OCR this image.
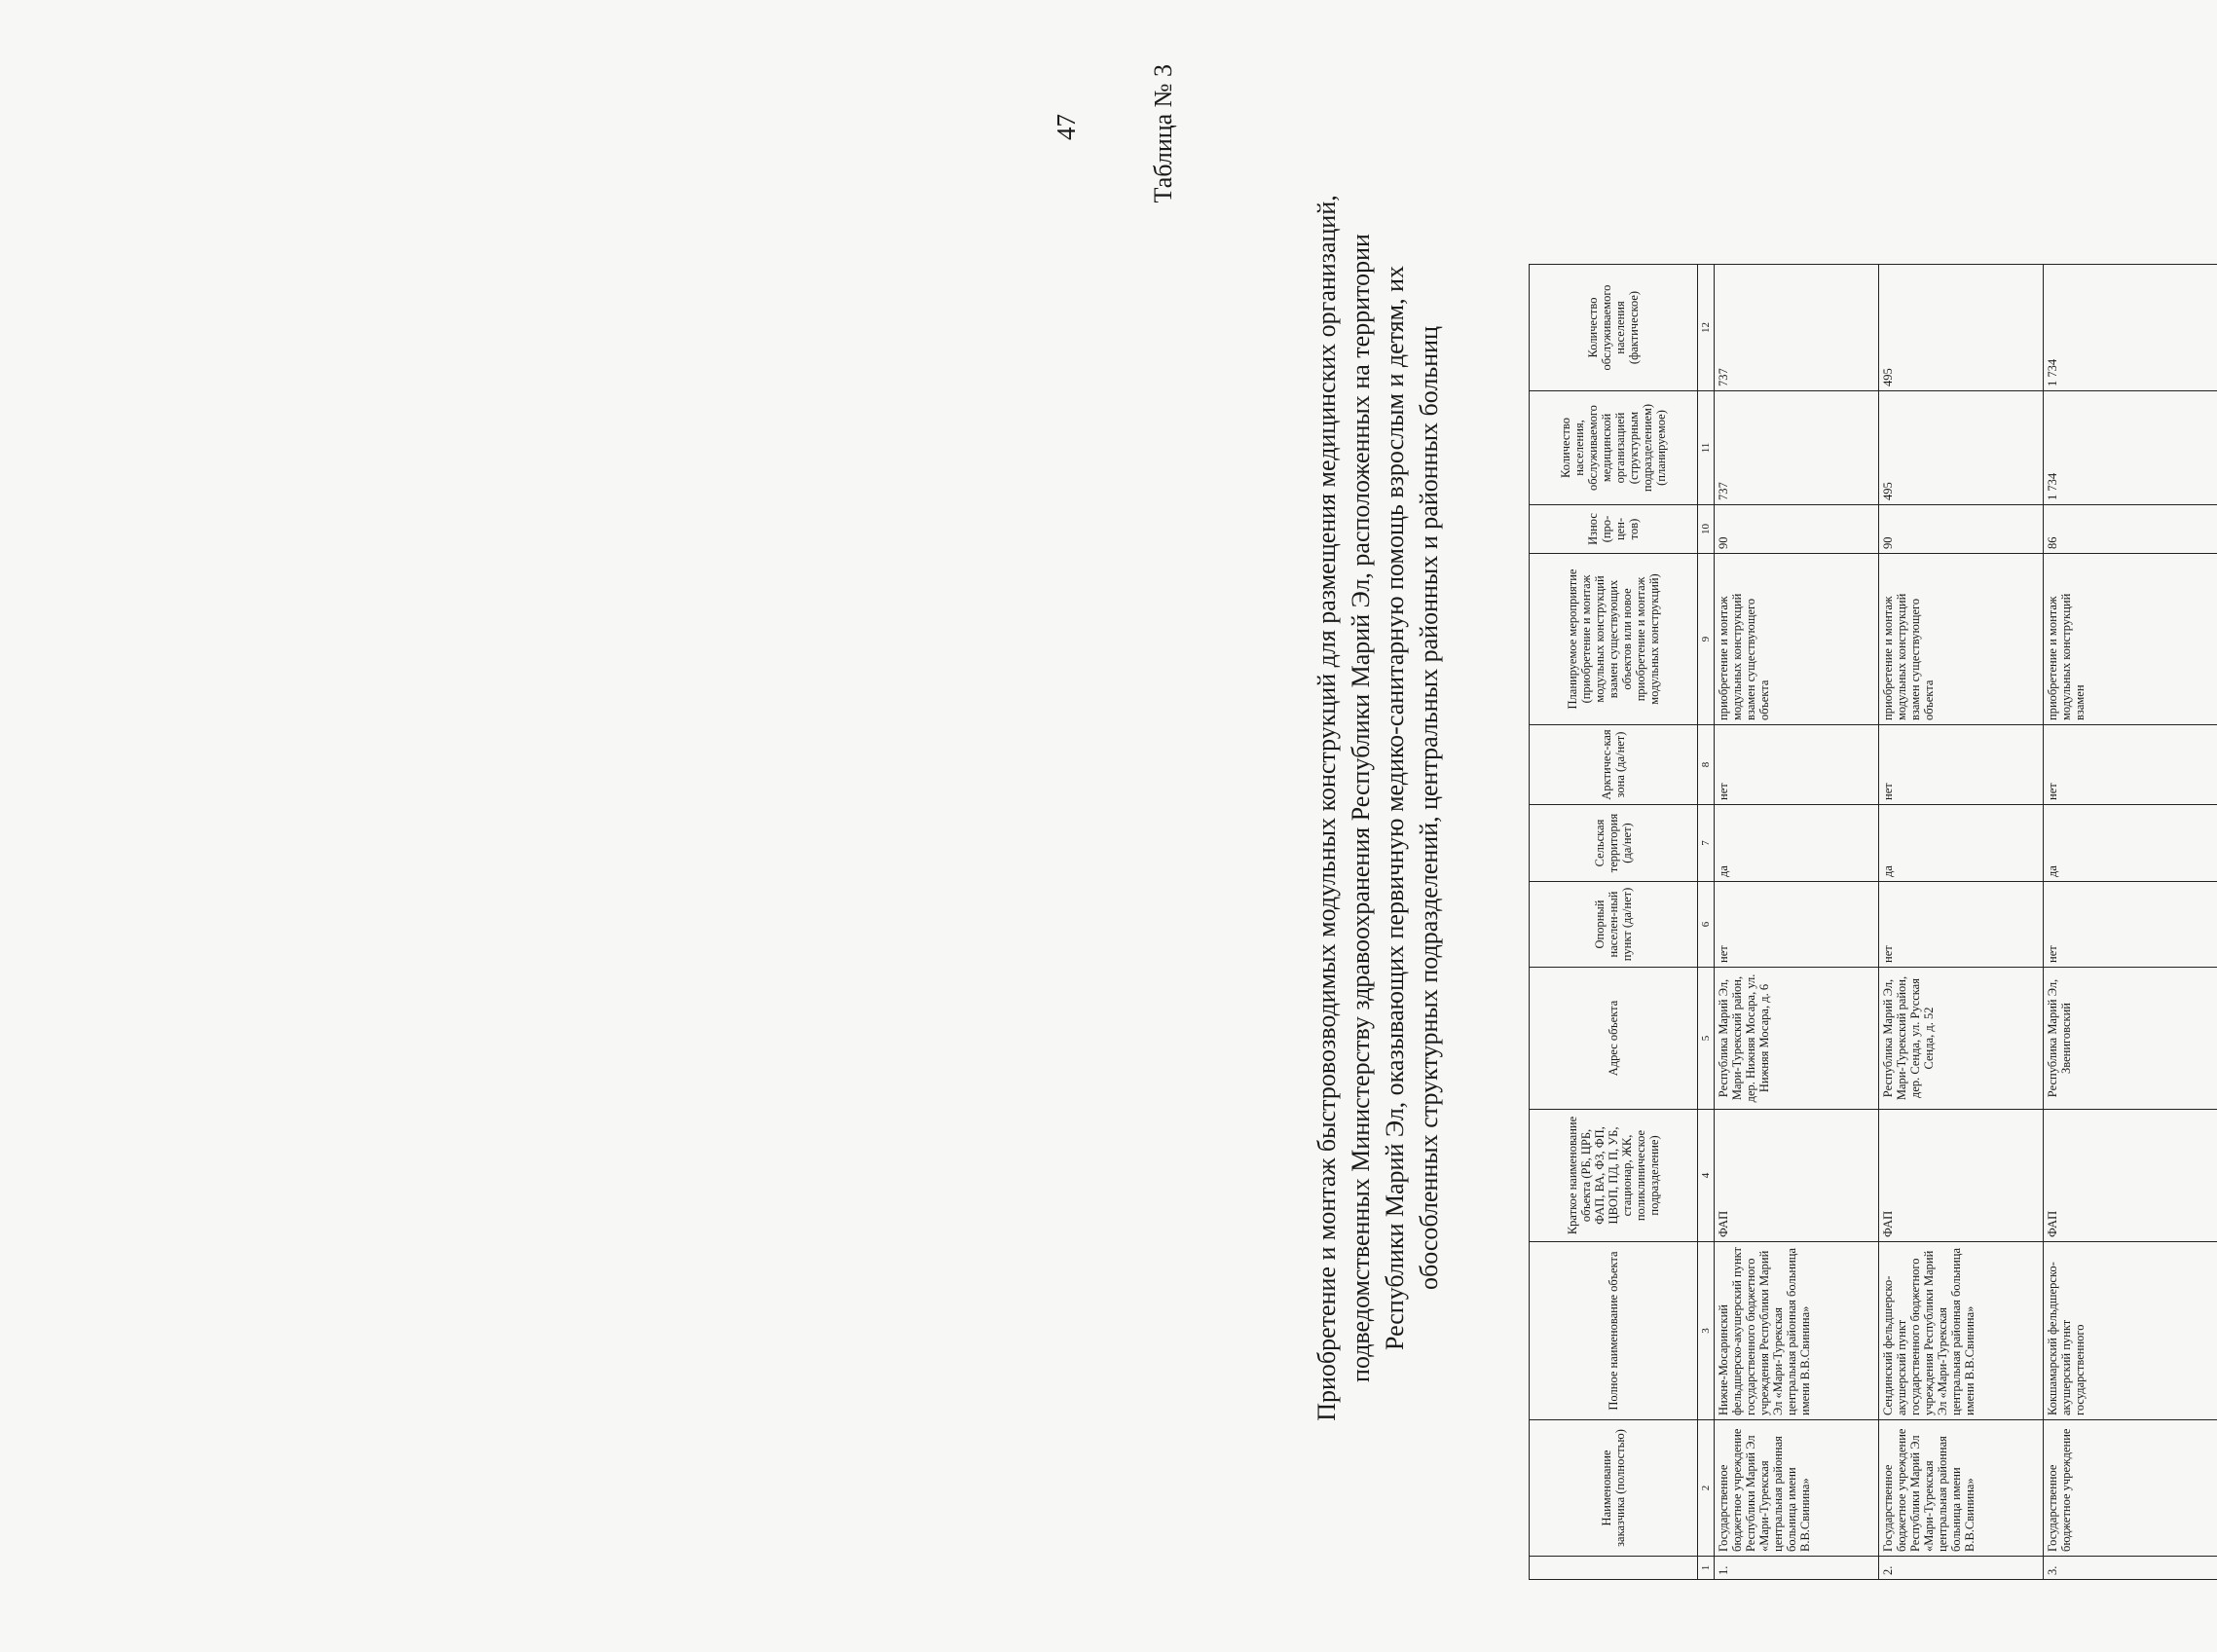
47	Таблица № 3
Приобретение и монтаж быстровозводимых модульных конструкций для размещения медицинских организаций, подведомственных Министерству здравоохранения Республики Марий Эл, расположенных на территории Республики Марий Эл, оказывающих первичную медико-санитарную помощь взрослым и детям, их обособленных структурных подразделений, центральных районных и районных больниц
	Наименование заказчика (полностью)	Полное наименование объекта	Краткое наименование объекта (РБ, ЦРБ, ФАП, ВА, ФЗ, ФП, ЦВОП, ПД, П, УБ, стационар, ЖК, поликлиническое подразделение)	Адрес объекта	Опорный населен-ный пункт (да/нет)	Сельская территория (да/нет)	Арктичес-кая зона (да/нет)	Планируемое мероприятие (приобретение и монтаж модульных конструкций взамен существующих объектов или новое приобретение и монтаж модульных конструкций)	Износ (про-цен-тов)	Количество населения, обслуживаемого медицинской организацией (структурным подразделением) (планируемое)	Количество обслуживаемого населения (фактическое)
1	2	3	4	5	6	7	8	9	10	11	12
1.	Государственное бюджетное учреждение Республики Марий Эл «Мари-Турекская центральная районная больница имени В.В.Свинина»	Нижне-Мосаринский фельдшерско-акушерский пункт государственного бюджетного учреждения Республики Марий Эл «Мари-Турекская центральная районная больница имени В.В.Свинина»	ФАП	Республика Марий Эл, Мари-Турекский район, дер. Нижняя Мосара, ул. Нижняя Мосара, д. 6	нет	да	нет	приобретение и монтаж модульных конструкций взамен существующего объекта	90	737	737
2.	Государственное бюджетное учреждение Республики Марий Эл «Мари-Турекская центральная районная больница имени В.В.Свинина»	Сендинский фельдшерско-акушерский пункт государственного бюджетного учреждения Республики Марий Эл «Мари-Турекская центральная районная больница имени В.В.Свинина»	ФАП	Республика Марий Эл, Мари-Турекский район, дер. Сенда, ул. Русская Сенда, д. 52	нет	да	нет	приобретение и монтаж модульных конструкций взамен существующего объекта	90	495	495
3.	Государственное бюджетное учреждение	Кокшамарский фельдшерско-акушерский пункт государственного	ФАП	Республика Марий Эл, Звениговский	нет	да	нет	приобретение и монтаж модульных конструкций взамен	86	1 734	1 734
